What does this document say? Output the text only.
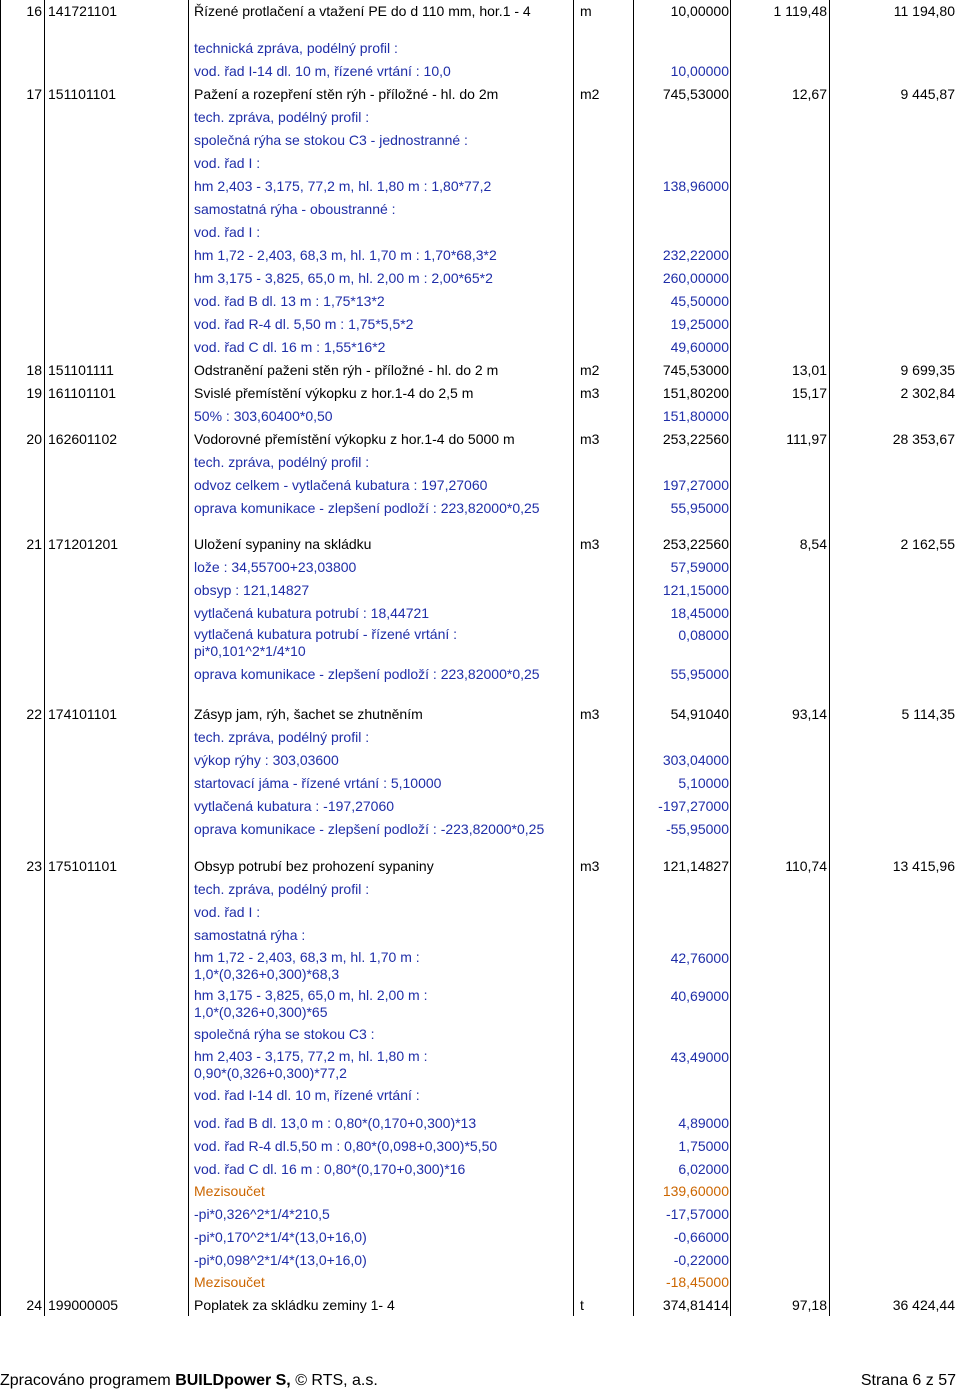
16 141721101	Řízené protlačení a vtažení PE do d 110 mm, hor.1 - 4	m	10,00000	1 119,48	11 194,80
technická zpráva, podélný profil :
vod. řad I-14 dl. 10 m, řízené vrtání : 10,0	10,00000
17 151101101	Pažení a rozepření stěn rýh - příložné - hl. do 2m	m2	745,53000	12,67	9 445,87
tech. zpráva, podélný profil :
společná rýha se stokou C3 - jednostranné :
vod. řad I :
hm 2,403 - 3,175, 77,2 m, hl. 1,80 m : 1,80*77,2	138,96000
samostatná rýha - oboustranné :
vod. řad I :
hm 1,72 - 2,403, 68,3 m, hl. 1,70 m : 1,70*68,3*2	232,22000
hm 3,175 - 3,825, 65,0 m, hl. 2,00 m : 2,00*65*2	260,00000
vod. řad B dl. 13 m : 1,75*13*2	45,50000
vod. řad R-4 dl. 5,50 m : 1,75*5,5*2	19,25000
vod. řad C dl. 16 m : 1,55*16*2	49,60000
18 151101111	Odstranění paženi stěn rýh - příložné - hl. do 2 m	m2	745,53000	13,01	9 699,35
19 161101101	Svislé přemístění výkopku z hor.1-4 do 2,5 m	m3	151,80200	15,17	2 302,84
50% : 303,60400*0,50	151,80000
20 162601102	Vodorovné přemístění výkopku z hor.1-4 do 5000 m	m3	253,22560	111,97	28 353,67
tech. zpráva, podélný profil :
odvoz celkem - vytlačená kubatura : 197,27060	197,27000
oprava komunikace - zlepšení podloží : 223,82000*0,25	55,95000
21 171201201	Uložení sypaniny na skládku	m3	253,22560	8,54	2 162,55
lože : 34,55700+23,03800	57,59000
obsyp : 121,14827	121,15000
vytlačená kubatura potrubí : 18,44721	18,45000
vytlačená kubatura potrubí - řízené vrtání :
pi*0,101^2*1/4*10
0,08000
oprava komunikace - zlepšení podloží : 223,82000*0,25	55,95000
22 174101101	Zásyp jam, rýh, šachet se zhutněním	m3	54,91040	93,14	5 114,35
tech. zpráva, podélný profil :
výkop rýhy : 303,03600	303,04000
startovací jáma - řízené vrtání : 5,10000	5,10000
vytlačená kubatura : -197,27060	-197,27000
oprava komunikace - zlepšení podloží : -223,82000*0,25	-55,95000
23 175101101	Obsyp potrubí bez prohození sypaniny	m3	121,14827	110,74	13 415,96
tech. zpráva, podélný profil :
vod. řad I :
samostatná rýha :
hm 1,72 - 2,403, 68,3 m, hl. 1,70 m :
1,0*(0,326+0,300)*68,3
42,76000
hm 3,175 - 3,825, 65,0 m, hl. 2,00 m :
1,0*(0,326+0,300)*65
40,69000
společná rýha se stokou C3 :
hm 2,403 - 3,175, 77,2 m, hl. 1,80 m :
0,90*(0,326+0,300)*77,2
43,49000
vod. řad I-14 dl. 10 m, řízené vrtání :
vod. řad B dl. 13,0 m : 0,80*(0,170+0,300)*13	4,89000
vod. řad R-4 dl.5,50 m : 0,80*(0,098+0,300)*5,50	1,75000
vod. řad C dl. 16 m : 0,80*(0,170+0,300)*16	6,02000
Mezisoučet	139,60000
-pi*0,326^2*1/4*210,5	-17,57000
-pi*0,170^2*1/4*(13,0+16,0)	-0,66000
-pi*0,098^2*1/4*(13,0+16,0)	-0,22000
Mezisoučet	-18,45000
24 199000005	Poplatek za skládku zeminy 1- 4	t	374,81414	97,18	36 424,44
Zpracováno programem BUILDpower S, © RTS, a.s.	Strana 6 z 57
